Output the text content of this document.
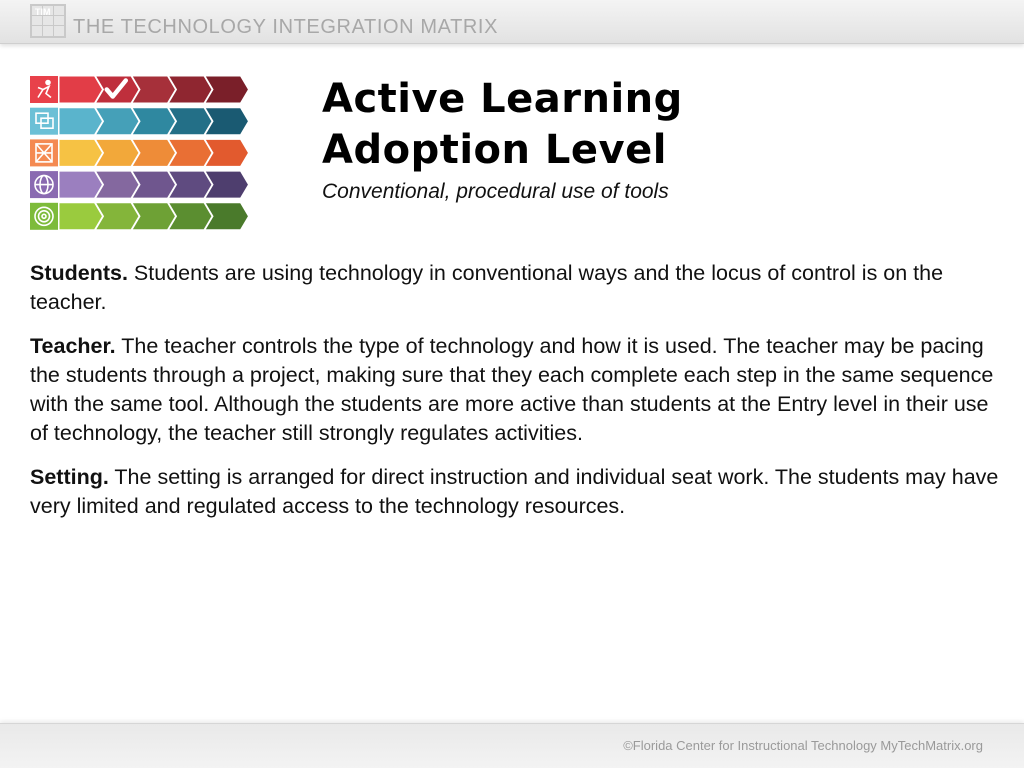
TIM
THE TECHNOLOGY INTEGRATION MATRIX
Active Learning
Adoption Level
Conventional, procedural use of tools

Students. Students are using technology in conventional ways and the locus of control is on the teacher.

Teacher. The teacher controls the type of technology and how it is used. The teacher may be pacing the students through a project, making sure that they each complete each step in the same sequence with the same tool. Although the students are more active than students at the Entry level in their use of technology, the teacher still strongly regulates activities.

Setting. The setting is arranged for direct instruction and individual seat work. The students may have very limited and regulated access to the technology resources.

©Florida Center for Instructional Technology MyTechMatrix.org
